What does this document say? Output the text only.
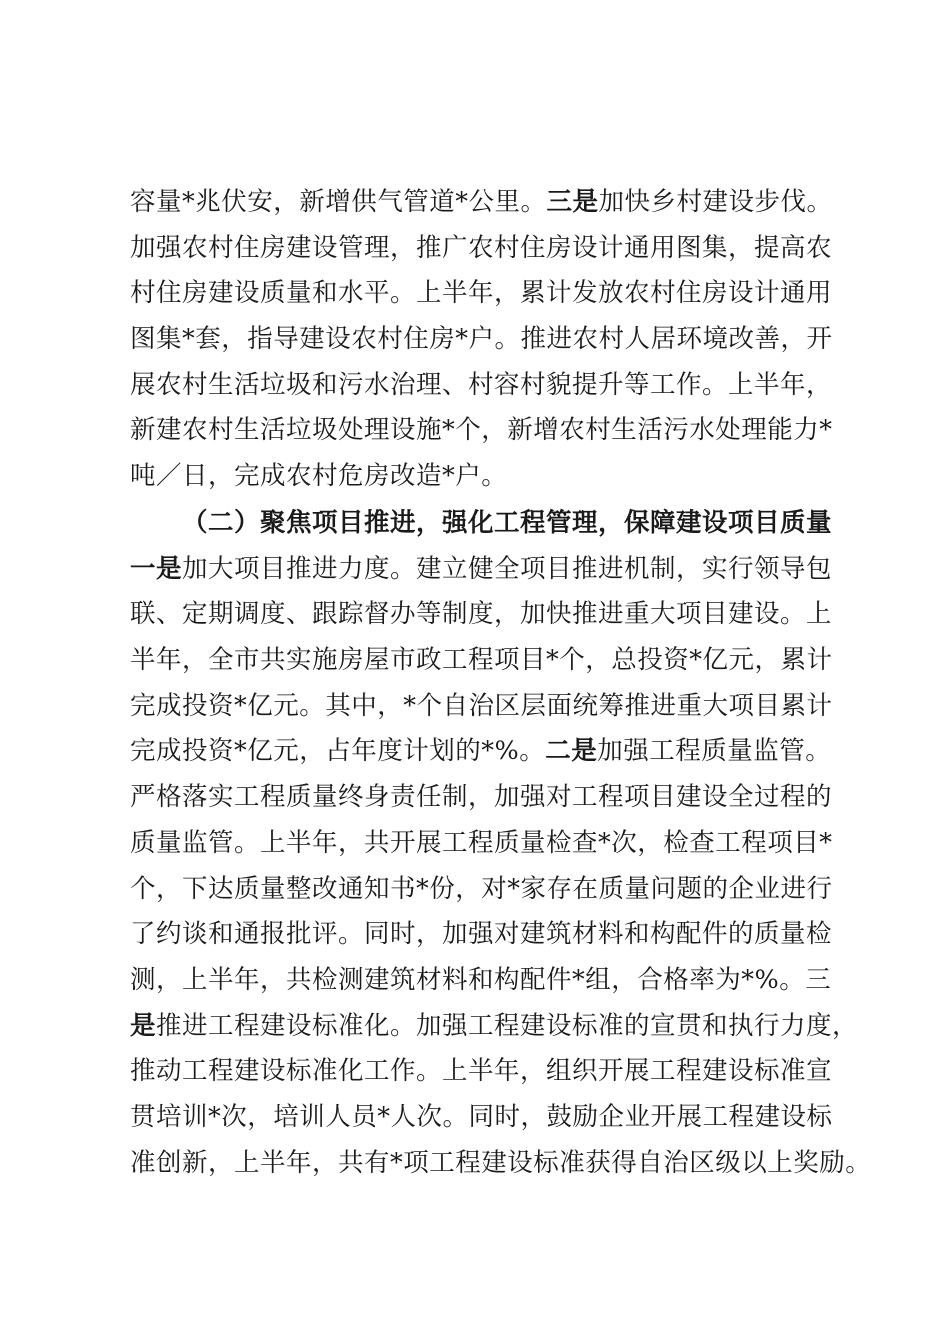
容量*兆伏安，新增供气管道*公里。三是加快乡村建设步伐。
加强农村住房建设管理，推广农村住房设计通用图集，提高农
村住房建设质量和水平。上半年，累计发放农村住房设计通用
图集*套，指导建设农村住房*户。推进农村人居环境改善，开
展农村生活垃圾和污水治理、村容村貌提升等工作。上半年，
新建农村生活垃圾处理设施*个，新增农村生活污水处理能力*
吨／日，完成农村危房改造*户。
（二）聚焦项目推进，强化工程管理，保障建设项目质量
一是加大项目推进力度。建立健全项目推进机制，实行领导包
联、定期调度、跟踪督办等制度，加快推进重大项目建设。上
半年，全市共实施房屋市政工程项目*个，总投资*亿元，累计
完成投资*亿元。其中，*个自治区层面统筹推进重大项目累计
完成投资*亿元，占年度计划的*%。二是加强工程质量监管。
严格落实工程质量终身责任制，加强对工程项目建设全过程的
质量监管。上半年，共开展工程质量检查*次，检查工程项目*
个，下达质量整改通知书*份，对*家存在质量问题的企业进行
了约谈和通报批评。同时，加强对建筑材料和构配件的质量检
测，上半年，共检测建筑材料和构配件*组，合格率为*%。三
是推进工程建设标准化。加强工程建设标准的宣贯和执行力度，
推动工程建设标准化工作。上半年，组织开展工程建设标准宣
贯培训*次，培训人员*人次。同时，鼓励企业开展工程建设标
准创新，上半年，共有*项工程建设标准获得自治区级以上奖励。
